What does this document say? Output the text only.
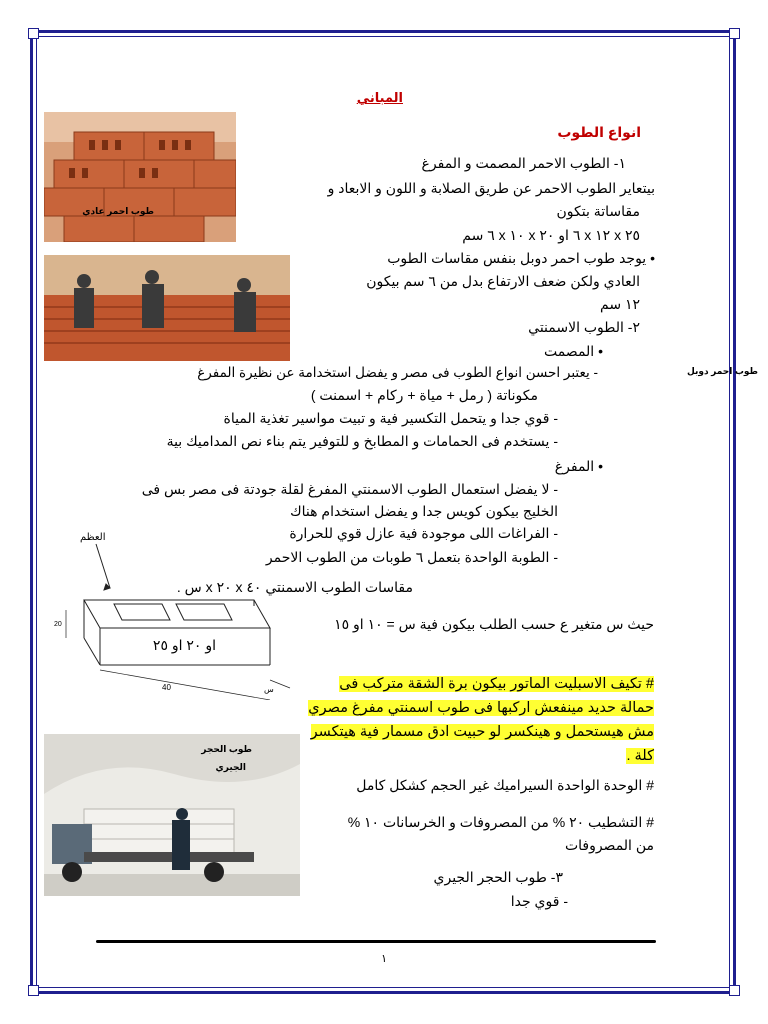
المباني
انواع الطوب
طوب احمر عادي
طوب احمر دوبل
١- الطوب الاحمر المصمت و المفرغ
بيتعاير الطوب الاحمر عن طريق الصلابة و اللون و الابعاد و
مقاساتة بتكون
٢٥ x ١٢ x ٦ او ٢٠ x ١٠ x ٦ سم
• يوجد طوب احمر دوبل بنفس مقاسات الطوب
العادي ولكن ضعف الارتفاع بدل من ٦ سم بيكون
١٢ سم
٢- الطوب الاسمنتي
• المصمت
- يعتبر احسن انواع الطوب فى مصر و يفضل استخدامة عن نظيرة المفرغ
مكوناتة ( رمل + مياة + ركام + اسمنت )
- قوي جدا و يتحمل التكسير فية و تبيت مواسير تغذية المياة
- يستخدم فى الحمامات و المطابخ و للتوفير يتم بناء نص المداميك بية
• المفرغ
- لا يفضل استعمال الطوب الاسمنتي المفرغ لقلة جودتة فى مصر بس فى
الخليج بيكون كويس جدا و يفضل استخدام هناك
- الفراغات اللى موجودة فية عازل قوي للحرارة
- الطوبة الواحدة بتعمل ٦ طوبات من الطوب الاحمر
العظم
20
40	س
مقاسات الطوب الاسمنتي ٤٠ x ٢٠ x س .
حيث س متغير ع حسب الطلب بيكون فية س = ١٠ او ١٥
او ٢٠ او ٢٥
# تكيف الاسبليت الماتور بيكون برة الشقة متركب فى
حمالة حديد مينفعش اركبها فى طوب اسمنتي مفرغ مصري
مش هيستحمل و هينكسر لو حبيت ادق مسمار فية هيتكسر
كلة .
طوب الحجر
الجيري
# الوحدة الواحدة السيراميك غير الحجم كشكل كامل
# التشطيب ٢٠ % من المصروفات و الخرسانات ١٠ %
من المصروفات
٣- طوب الحجر الجيري
- قوي جدا
١
